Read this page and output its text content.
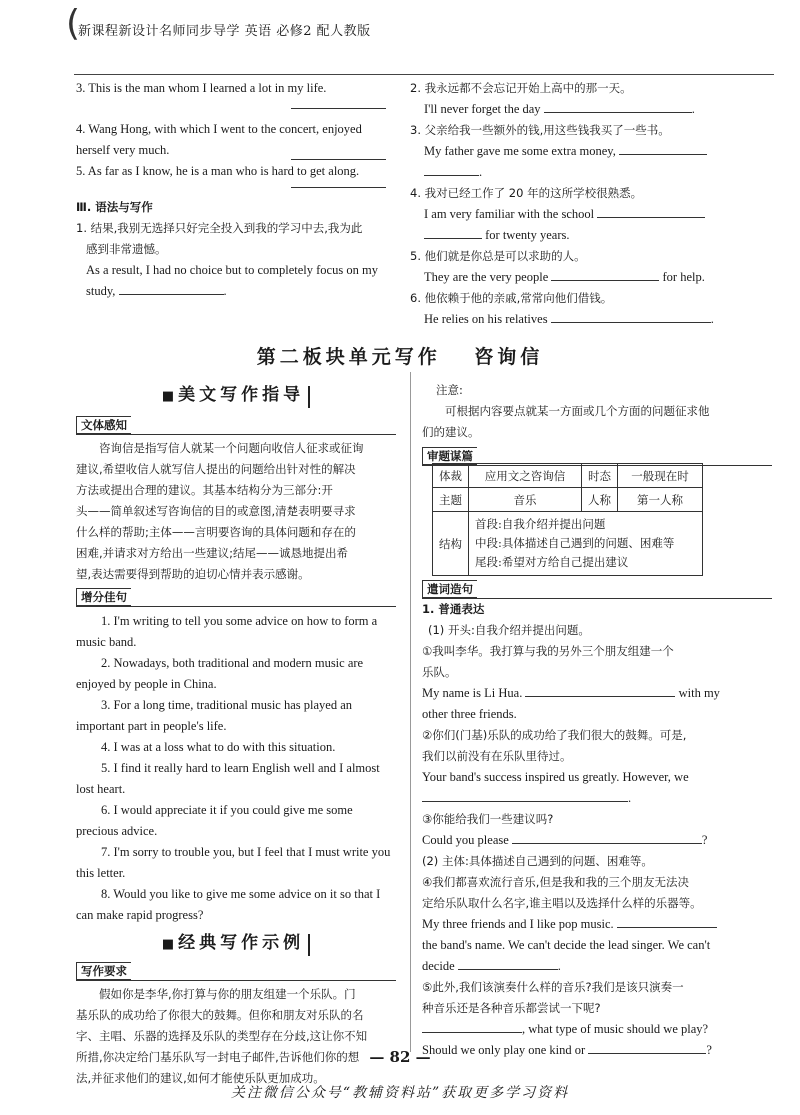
(
新课程新设计名师同步导学 英语 必修2 配人教版

3. This is the man whom I learned a lot in my life.

4. Wang Hong, with which I went to the concert, enjoyed

herself very much.

5. As far as I know, he is a man who is hard to get along.

Ⅲ. 语法与写作

1. 结果,我别无选择只好完全投入到我的学习中去,我为此

感到非常遗憾。

As a result, I had no choice but to completely focus on my

study,	.

2. 我永远都不会忘记开始上高中的那一天。

I'll never forget the day	.

3. 父亲给我一些额外的钱,用这些钱我买了一些书。

My father gave me some extra money,

.

4. 我对已经工作了 20 年的这所学校很熟悉。

I am very familiar with the school

for twenty years.

5. 他们就是你总是可以求助的人。

They are the very people	for help.

6. 他依赖于他的亲戚,常常向他们借钱。

He relies on his relatives	.

第二板块单元写作　 咨询信
■美文写作指导
文体感知

咨询信是指写信人就某一个问题向收信人征求或征询

建议,希望收信人就写信人提出的问题给出针对性的解决

方法或提出合理的建议。其基本结构分为三部分:开

头——简单叙述写咨询信的目的或意图,清楚表明要寻求

什么样的帮助;主体——言明要咨询的具体问题和存在的

困难,并请求对方给出一些建议;结尾——诚恳地提出希

望,表达需要得到帮助的迫切心情并表示感谢。

增分佳句

1. I'm writing to tell you some advice on how to form a

music band.

2. Nowadays, both traditional and modern music are

enjoyed by people in China.

3. For a long time, traditional music has played an

important part in people's life.

4. I was at a loss what to do with this situation.

5. I find it really hard to learn English well and I almost

lost heart.

6. I would appreciate it if you could give me some

precious advice.

7. I'm sorry to trouble you, but I feel that I must write you

this letter.

8. Would you like to give me some advice on it so that I

can make rapid progress?

■经典写作示例
写作要求

假如你是李华,你打算与你的朋友组建一个乐队。门

基乐队的成功给了你很大的鼓舞。但你和朋友对乐队的名

字、主唱、乐器的选择及乐队的类型存在分歧,这让你不知

所措,你决定给门基乐队写一封电子邮件,告诉他们你的想

法,并征求他们的建议,如何才能使乐队更加成功。

注意:

可根据内容要点就某一方面或几个方面的问题征求他

们的建议。

审题谋篇
体裁	应用文之咨询信	时态	一般现在时
主题	音乐	人称	第一人称
结构	首段:自我介绍并提出问题
中段:具体描述自己遇到的问题、困难等
尾段:希望对方给自己提出建议		
遣词造句

1. 普通表达

(1) 开头:自我介绍并提出问题。

①我叫李华。我打算与我的另外三个朋友组建一个

乐队。

My name is Li Hua.	with my

other three friends.

②你们(门基)乐队的成功给了我们很大的鼓舞。可是,

我们以前没有在乐队里待过。

Your band's success inspired us greatly. However, we

.

③你能给我们一些建议吗?

Could you please	?

(2) 主体:具体描述自己遇到的问题、困难等。

④我们都喜欢流行音乐,但是我和我的三个朋友无法决

定给乐队取什么名字,谁主唱以及选择什么样的乐器等。

My three friends and I like pop music.

the band's name. We can't decide the lead singer. We can't

decide	.

⑤此外,我们该演奏什么样的音乐?我们是该只演奏一

种音乐还是各种音乐都尝试一下呢?

, what type of music should we play?

Should we only play one kind or	?

— 82 —
关注微信公众号“教辅资料站”获取更多学习资料
